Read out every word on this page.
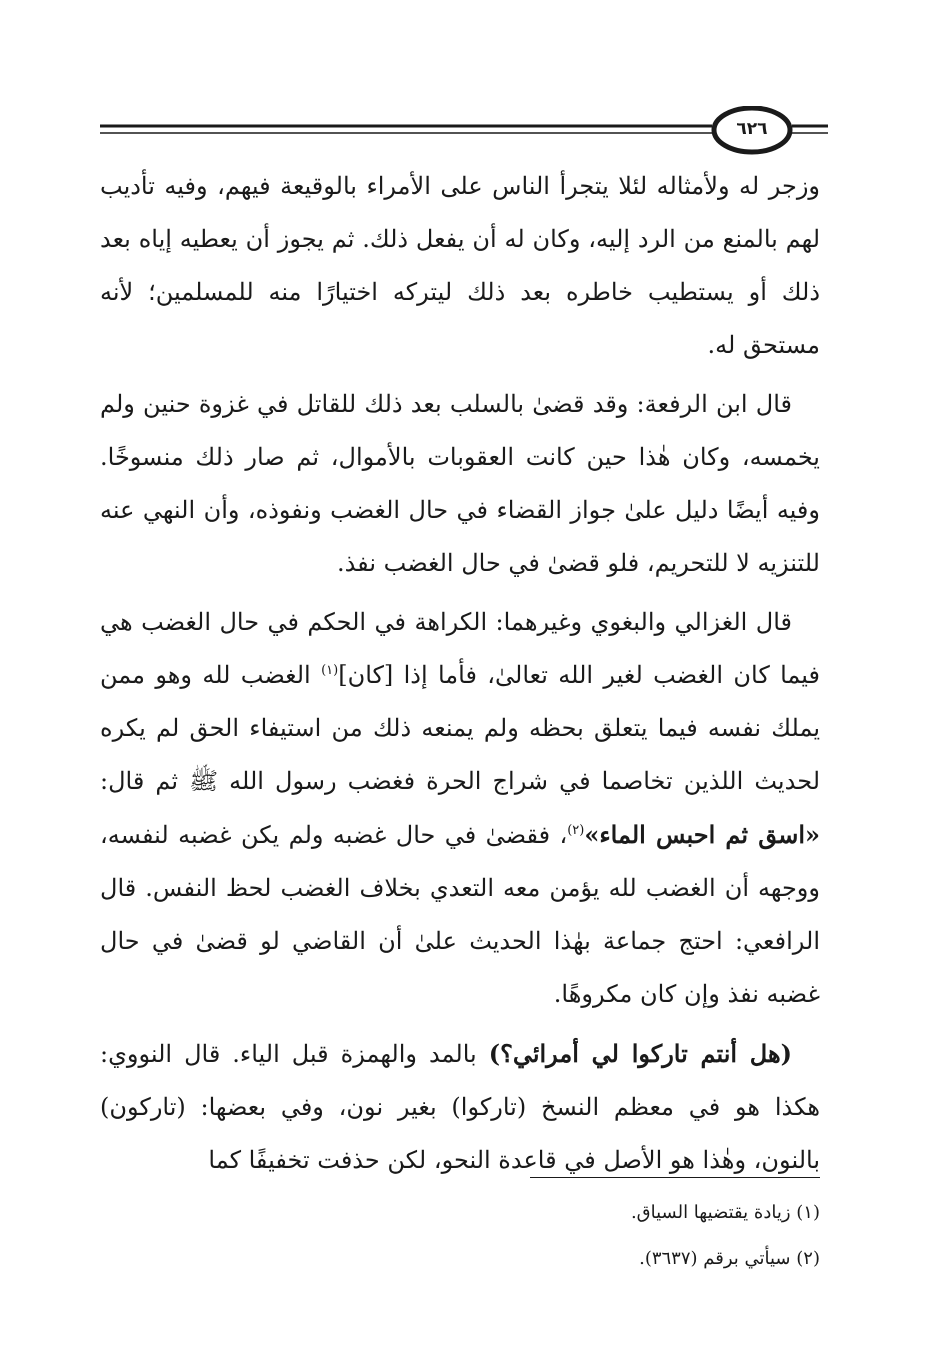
٦٢٦

وزجر له ولأمثاله لئلا يتجرأ الناس على الأمراء بالوقيعة فيهم، وفيه تأديب لهم بالمنع من الرد إليه، وكان له أن يفعل ذلك. ثم يجوز أن يعطيه إياه بعد ذلك أو يستطيب خاطره بعد ذلك ليتركه اختيارًا منه للمسلمين؛ لأنه مستحق له.

قال ابن الرفعة: وقد قضىٰ بالسلب بعد ذلك للقاتل في غزوة حنين ولم يخمسه، وكان هٰذا حين كانت العقوبات بالأموال، ثم صار ذلك منسوخًا. وفيه أيضًا دليل علىٰ جواز القضاء في حال الغضب ونفوذه، وأن النهي عنه للتنزيه لا للتحريم، فلو قضىٰ في حال الغضب نفذ.

قال الغزالي والبغوي وغيرهما: الكراهة في الحكم في حال الغضب هي فيما كان الغضب لغير الله تعالىٰ، فأما إذا [كان]$^{(١)}$ الغضب لله وهو ممن يملك نفسه فيما يتعلق بحظه ولم يمنعه ذلك من استيفاء الحق لم يكره لحديث اللذين تخاصما في شراج الحرة فغضب رسول الله ﷺ ثم قال: «اسق ثم احبس الماء»$^{(٢)}$، فقضىٰ في حال غضبه ولم يكن غضبه لنفسه، ووجهه أن الغضب لله يؤمن معه التعدي بخلاف الغضب لحظ النفس. قال الرافعي: احتج جماعة بهٰذا الحديث علىٰ أن القاضي لو قضىٰ في حال غضبه نفذ وإن كان مكروهًا.

(هل أنتم تاركوا لي أمرائي؟) بالمد والهمزة قبل الياء. قال النووي: هكذا هو في معظم النسخ (تاركوا) بغير نون، وفي بعضها: (تاركون) بالنون، وهٰذا هو الأصل في قاعدة النحو، لكن حذفت تخفيفًا كما

(١) زيادة يقتضيها السياق.

(٢) سيأتي برقم (٣٦٣٧).
